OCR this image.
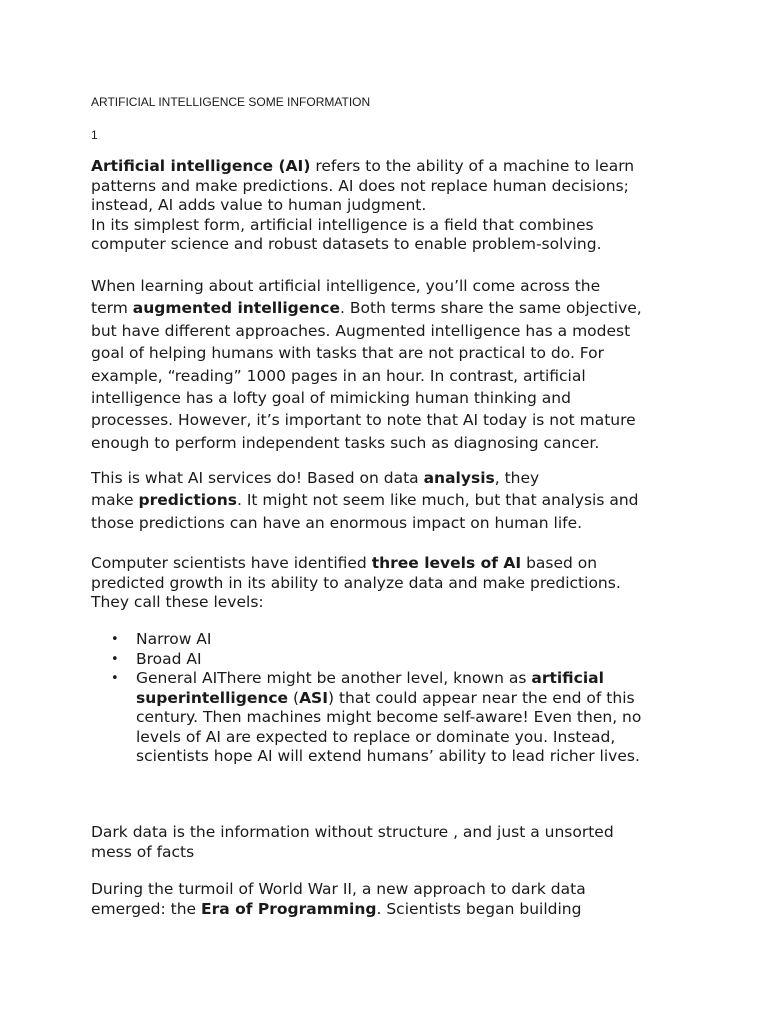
ARTIFICIAL INTELLIGENCE SOME INFORMATION
1
Artificial intelligence (AI) refers to the ability of a machine to learn
patterns and make predictions. AI does not replace human decisions;
instead, AI adds value to human judgment.
In its simplest form, artificial intelligence is a field that combines
computer science and robust datasets to enable problem-solving.
When learning about artificial intelligence, you’ll come across the
term augmented intelligence. Both terms share the same objective,
but have different approaches. Augmented intelligence has a modest
goal of helping humans with tasks that are not practical to do. For
example, “reading” 1000 pages in an hour. In contrast, artificial
intelligence has a lofty goal of mimicking human thinking and
processes. However, it’s important to note that AI today is not mature
enough to perform independent tasks such as diagnosing cancer.
This is what AI services do! Based on data analysis, they
make predictions. It might not seem like much, but that analysis and
those predictions can have an enormous impact on human life.
Computer scientists have identified three levels of AI based on
predicted growth in its ability to analyze data and make predictions.
They call these levels:
• Narrow AI
• Broad AI
• General AIThere might be another level, known as artificial
superintelligence (ASI) that could appear near the end of this
century. Then machines might become self-aware! Even then, no
levels of AI are expected to replace or dominate you. Instead,
scientists hope AI will extend humans’ ability to lead richer lives.
Dark data is the information without structure , and just a unsorted
mess of facts
During the turmoil of World War II, a new approach to dark data
emerged: the Era of Programming. Scientists began building
